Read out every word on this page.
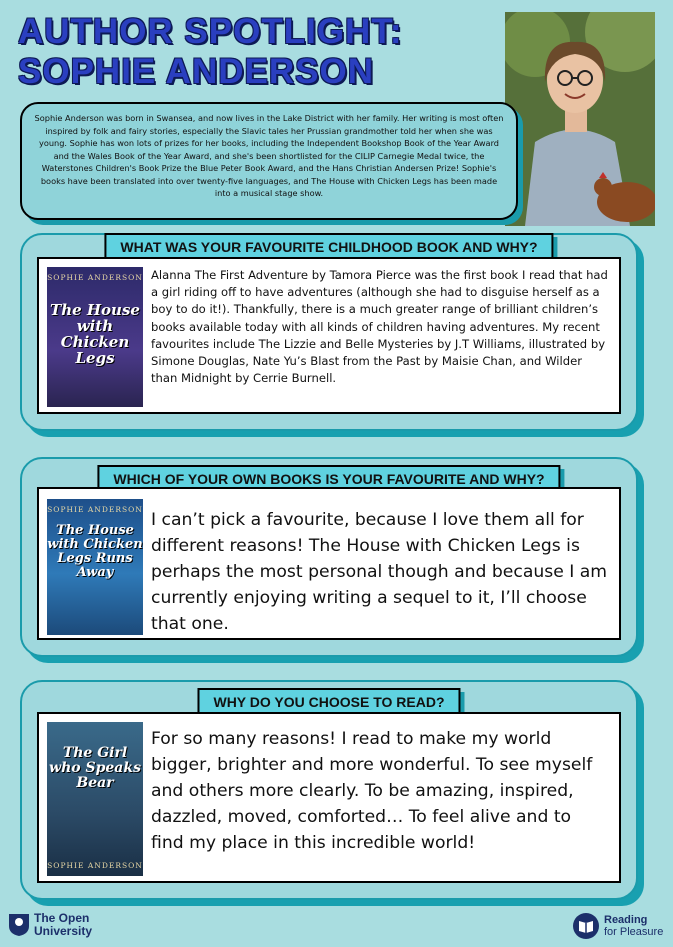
AUTHOR SPOTLIGHT:
SOPHIE ANDERSON
Sophie Anderson was born in Swansea, and now lives in the Lake District with her family. Her writing is most often inspired by folk and fairy stories, especially the Slavic tales her Prussian grandmother told her when she was young. Sophie has won lots of prizes for her books, including the Independent Bookshop Book of the Year Award and the Wales Book of the Year Award, and she's been shortlisted for the CILIP Carnegie Medal twice, the Waterstones Children's Book Prize the Blue Peter Book Award, and the Hans Christian Andersen Prize! Sophie's books have been translated into over twenty-five languages, and The House with Chicken Legs has been made into a musical stage show.
WHAT WAS YOUR FAVOURITE CHILDHOOD BOOK AND WHY?
SOPHIE ANDERSON
The House with Chicken Legs
Alanna The First Adventure by Tamora Pierce was the first book I read that had a girl riding off to have adventures (although she had to disguise herself as a boy to do it!). Thankfully, there is a much greater range of brilliant children’s books available today with all kinds of children having adventures. My recent favourites include The Lizzie and Belle Mysteries by J.T Williams, illustrated by Simone Douglas, Nate Yu’s Blast from the Past by Maisie Chan, and Wilder than Midnight by Cerrie Burnell.
WHICH OF YOUR OWN BOOKS IS YOUR FAVOURITE AND WHY?
SOPHIE ANDERSON
The House with Chicken Legs Runs Away
I can’t pick a favourite, because I love them all for different reasons! The House with Chicken Legs is perhaps the most personal though and because I am currently enjoying writing a sequel to it, I’ll choose that one.
WHY DO YOU CHOOSE TO READ?
The Girl who Speaks Bear
SOPHIE ANDERSON
For so many reasons! I read to make my world bigger, brighter and more wonderful. To see myself and others more clearly. To be amazing, inspired, dazzled, moved, comforted… To feel alive and to find my place in this incredible world!
The Open University
Reading
for Pleasure
